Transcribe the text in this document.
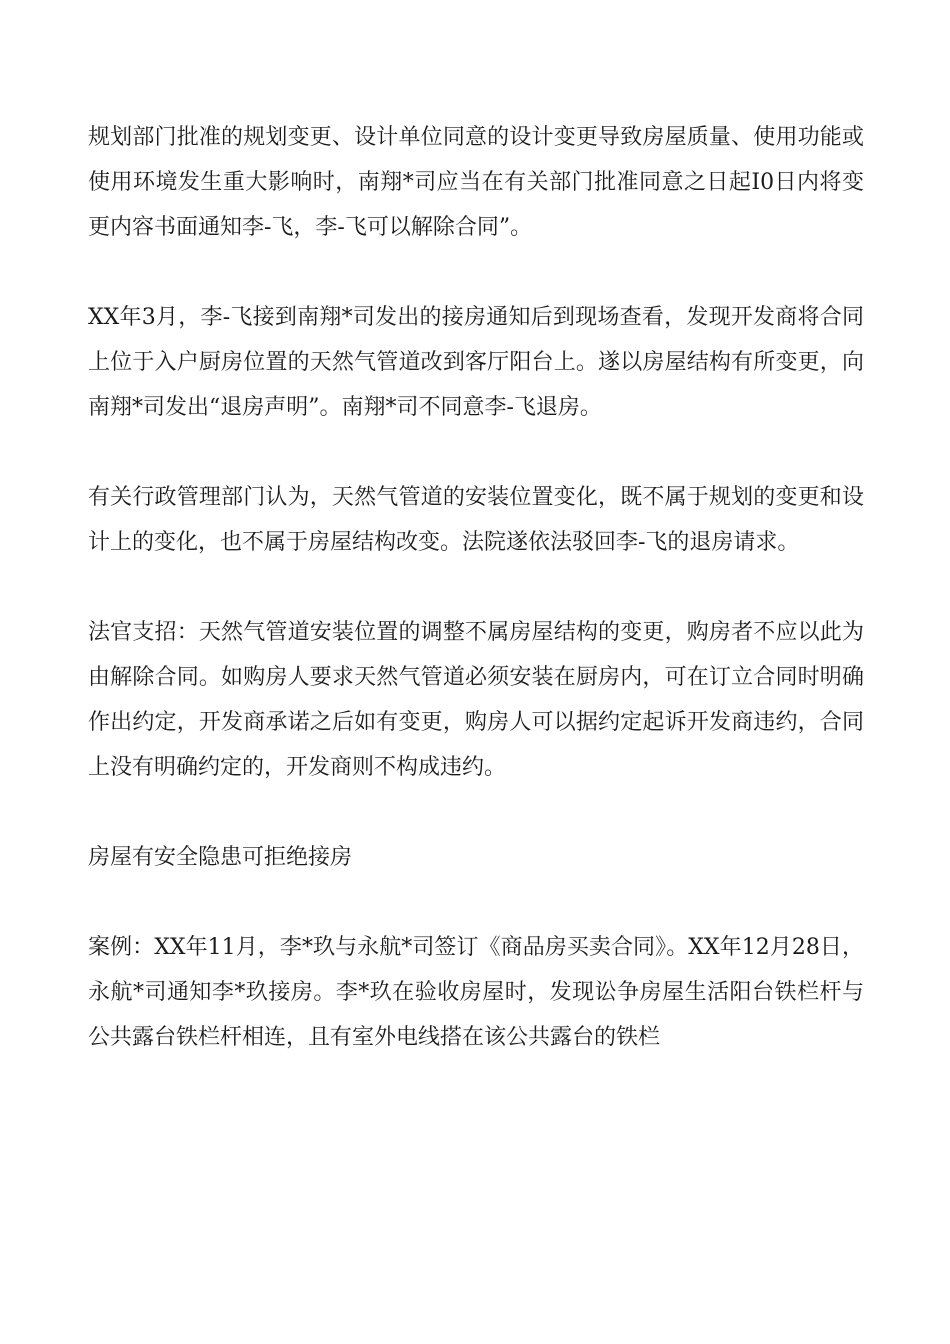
规划部门批准的规划变更、设计单位同意的设计变更导致房屋质量、使用功能或使用环境发生重大影响时，南翔*司应当在有关部门批准同意之日起I0日内将变更内容书面通知李-飞，李-飞可以解除合同”。

XX年3月，李-飞接到南翔*司发出的接房通知后到现场查看，发现开发商将合同上位于入户厨房位置的天然气管道改到客厅阳台上。遂以房屋结构有所变更，向南翔*司发出“退房声明”。南翔*司不同意李-飞退房。

有关行政管理部门认为，天然气管道的安装位置变化，既不属于规划的变更和设计上的变化，也不属于房屋结构改变。法院遂依法驳回李-飞的退房请求。

法官支招：天然气管道安装位置的调整不属房屋结构的变更，购房者不应以此为由解除合同。如购房人要求天然气管道必须安装在厨房内，可在订立合同时明确作出约定，开发商承诺之后如有变更，购房人可以据约定起诉开发商违约，合同上没有明确约定的，开发商则不构成违约。

房屋有安全隐患可拒绝接房

案例：XX年11月，李*玖与永航*司签订《商品房买卖合同》。XX年12月28日，永航*司通知李*玖接房。李*玖在验收房屋时，发现讼争房屋生活阳台铁栏杆与公共露台铁栏杆相连，且有室外电线搭在该公共露台的铁栏
